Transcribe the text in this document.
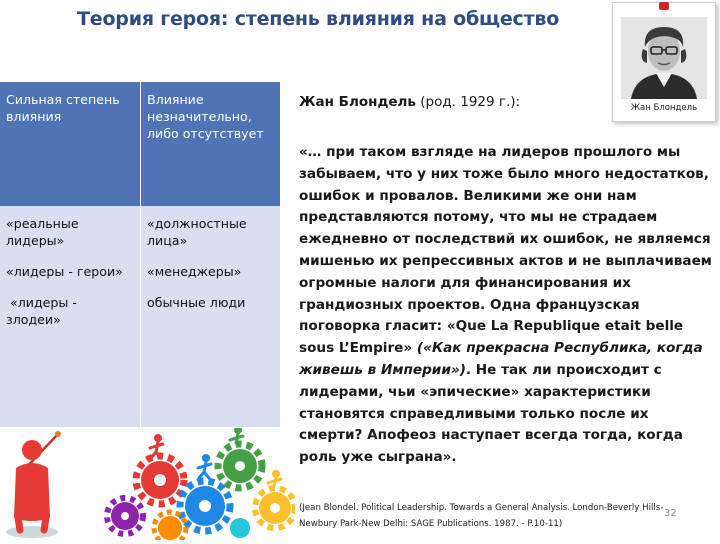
Теория героя: степень влияния на общество
Сильная степень влияния
Влияние незначительно, либо отсутствует

«реальные лидеры»

«лидеры - герои»

«лидеры - злодеи»

«должностные лица»

«менеджеры»

обычные люди

Жан Блондель (род. 1929 г.):
«… при таком взгляде на лидеров прошлого мы забываем, что у них тоже было много недостатков, ошибок и провалов. Великими же они нам представляются потому, что мы не страдаем ежедневно от последствий их ошибок, не являемся мишенью их репрессивных актов и не выплачиваем огромные налоги для финансирования их грандиозных проектов. Одна французская поговорка гласит: «Que La Republique etait belle sous L’Empire» («Как прекрасна Республика, когда живешь в Империи»). Не так ли происходит с лидерами, чьи «эпические» характеристики становятся справедливыми только после их смерти? Апофеоз наступает всегда тогда, когда роль уже сыграна».
(Jean Blondel. Political Leadership. Towards a General Analysis. London-Beverly Hills-Newbury Park-New Delhi: SAGE Publications. 1987. - P.10-11)
32
Жан Блондель
